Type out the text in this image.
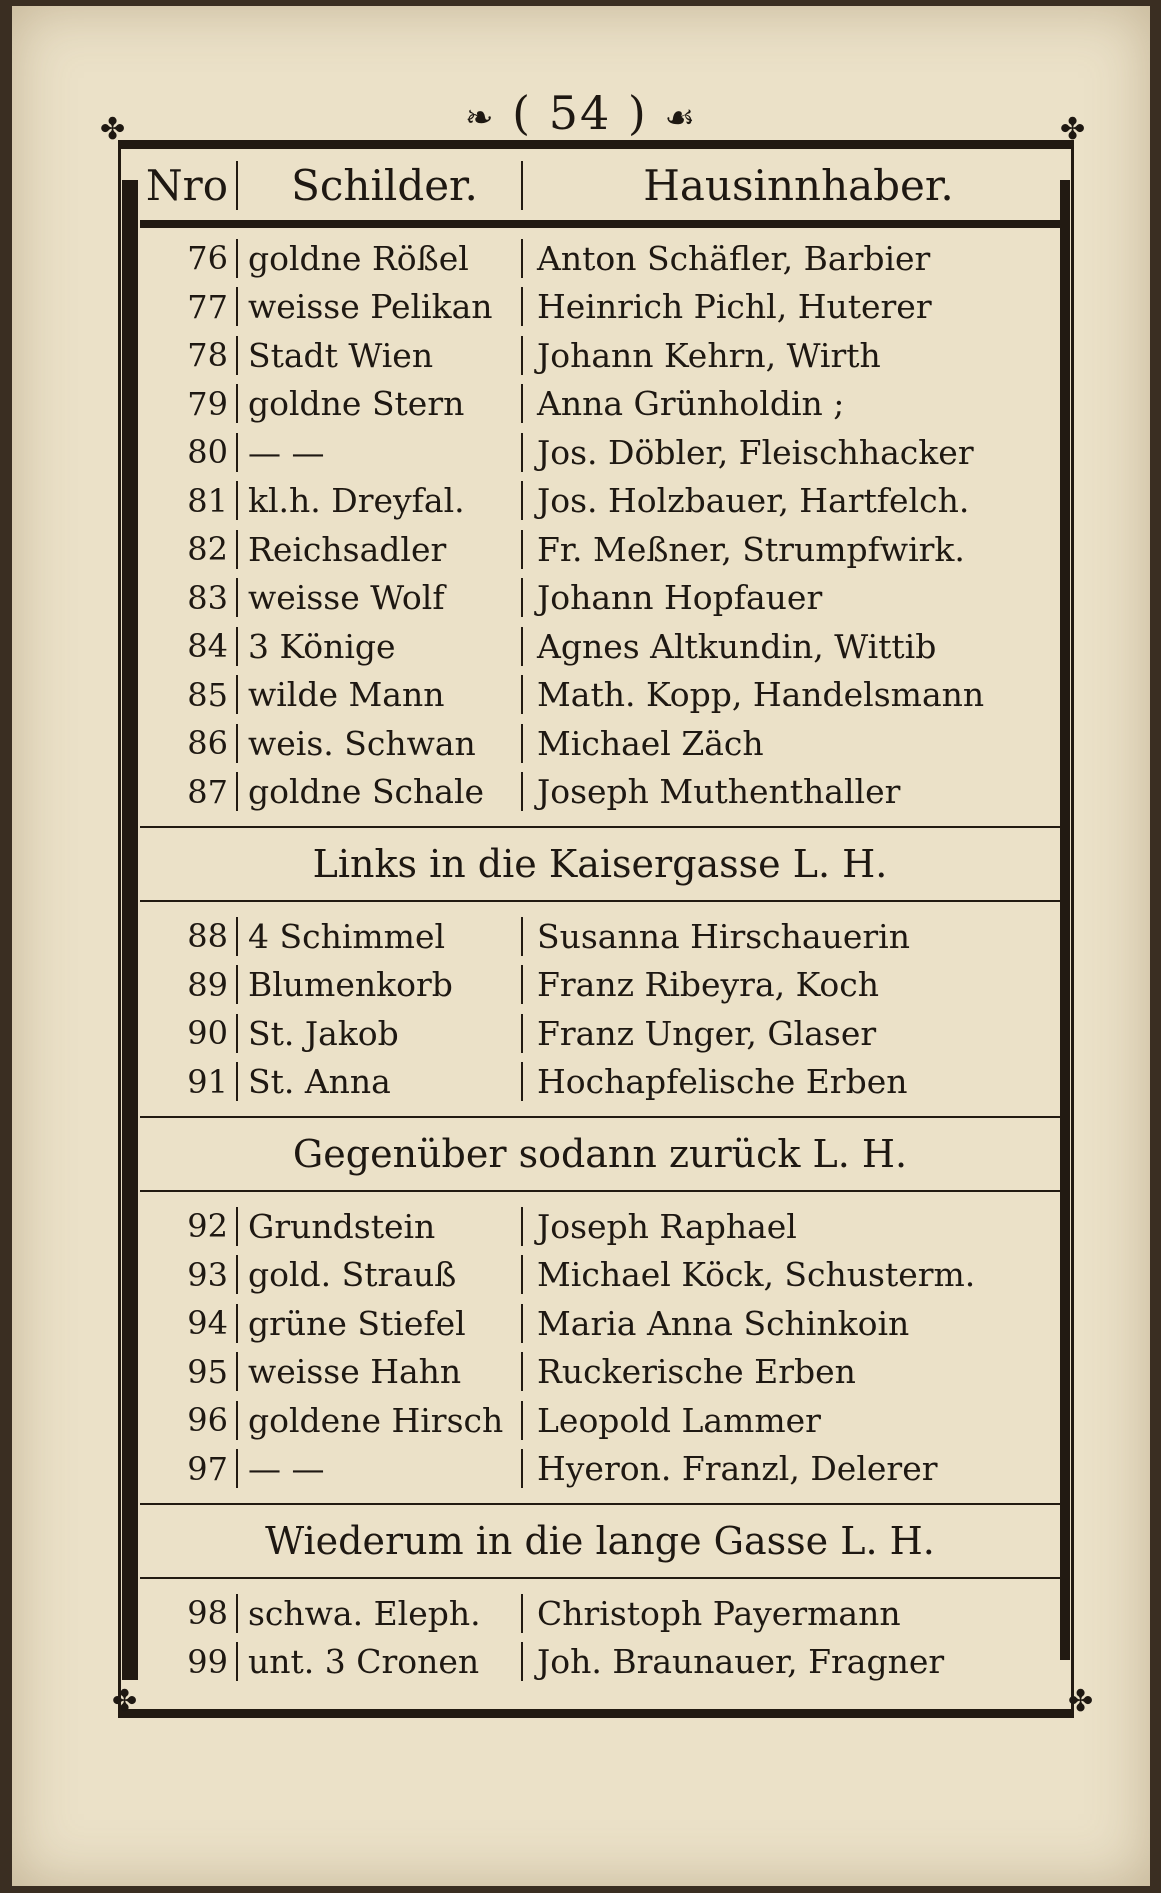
❧ ( 54 ) ☙
✤	✤
✤	✤
Nro	Schilder.	Hausinnhaber.
76 goldne Rößel	Anton Schäfler, Barbier
77 weisse Pelikan	Heinrich Pichl, Huterer
78 Stadt Wien	Johann Kehrn, Wirth
79 goldne Stern	Anna Grünholdin ;
80 — —	Jos. Döbler, Fleischhacker
81 kl.h. Dreyfal.	Jos. Holzbauer, Hartfelch.
82 Reichsadler	Fr. Meßner, Strumpfwirk.
83 weisse Wolf	Johann Hopfauer
84 3 Könige	Agnes Altkundin, Wittib
85 wilde Mann	Math. Kopp, Handelsmann
86 weis. Schwan	Michael Zäch
87 goldne Schale	Joseph Muthenthaller
Links in die Kaisergasse L. H.
88 4 Schimmel	Susanna Hirschauerin
89 Blumenkorb	Franz Ribeyra, Koch
90 St. Jakob	Franz Unger, Glaser
91 St. Anna	Hochapfelische Erben
Gegenüber sodann zurück L. H.
92 Grundstein	Joseph Raphael
93 gold. Strauß	Michael Köck, Schusterm.
94 grüne Stiefel	Maria Anna Schinkoin
95 weisse Hahn	Ruckerische Erben
96 goldene Hirsch	Leopold Lammer
97 — —	Hyeron. Franzl, Delerer
Wiederum in die lange Gasse L. H.
98 schwa. Eleph.	Christoph Payermann
99 unt. 3 Cronen	Joh. Braunauer, Fragner
